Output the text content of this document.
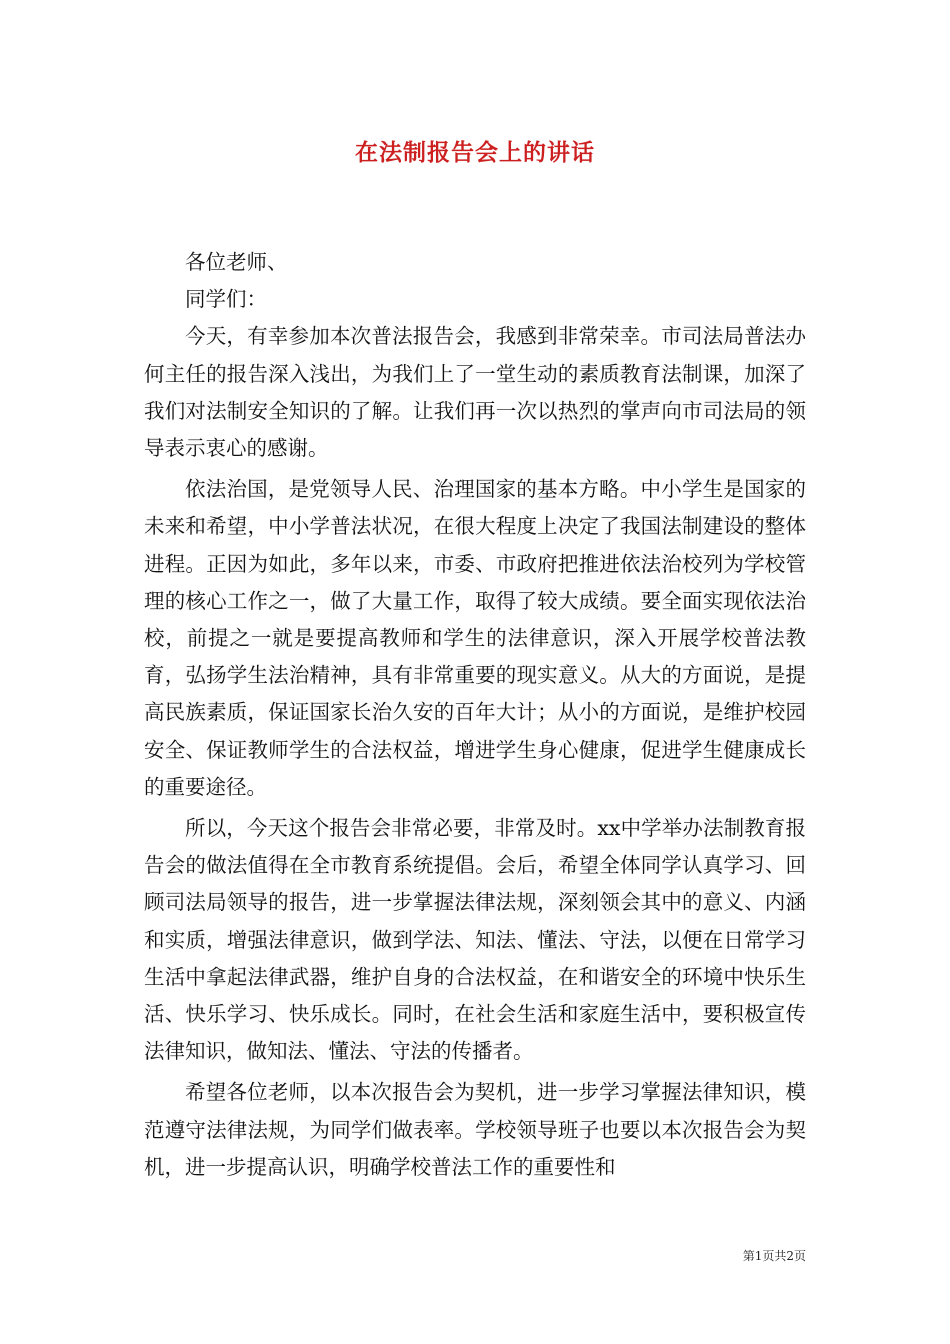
在法制报告会上的讲话

各位老师、

同学们：

今天，有幸参加本次普法报告会，我感到非常荣幸。市司法局普法办何主任的报告深入浅出，为我们上了一堂生动的素质教育法制课，加深了我们对法制安全知识的了解。让我们再一次以热烈的掌声向市司法局的领导表示衷心的感谢。

依法治国，是党领导人民、治理国家的基本方略。中小学生是国家的未来和希望，中小学普法状况，在很大程度上决定了我国法制建设的整体进程。正因为如此，多年以来，市委、市政府把推进依法治校列为学校管理的核心工作之一，做了大量工作，取得了较大成绩。要全面实现依法治校，前提之一就是要提高教师和学生的法律意识，深入开展学校普法教育，弘扬学生法治精神，具有非常重要的现实意义。从大的方面说，是提高民族素质，保证国家长治久安的百年大计；从小的方面说，是维护校园安全、保证教师学生的合法权益，增进学生身心健康，促进学生健康成长的重要途径。

所以，今天这个报告会非常必要，非常及时。xx中学举办法制教育报告会的做法值得在全市教育系统提倡。会后，希望全体同学认真学习、回顾司法局领导的报告，进一步掌握法律法规，深刻领会其中的意义、内涵和实质，增强法律意识，做到学法、知法、懂法、守法，以便在日常学习生活中拿起法律武器，维护自身的合法权益，在和谐安全的环境中快乐生活、快乐学习、快乐成长。同时，在社会生活和家庭生活中，要积极宣传法律知识，做知法、懂法、守法的传播者。

希望各位老师，以本次报告会为契机，进一步学习掌握法律知识，模范遵守法律法规，为同学们做表率。学校领导班子也要以本次报告会为契机，进一步提高认识，明确学校普法工作的重要性和

第1页共2页
